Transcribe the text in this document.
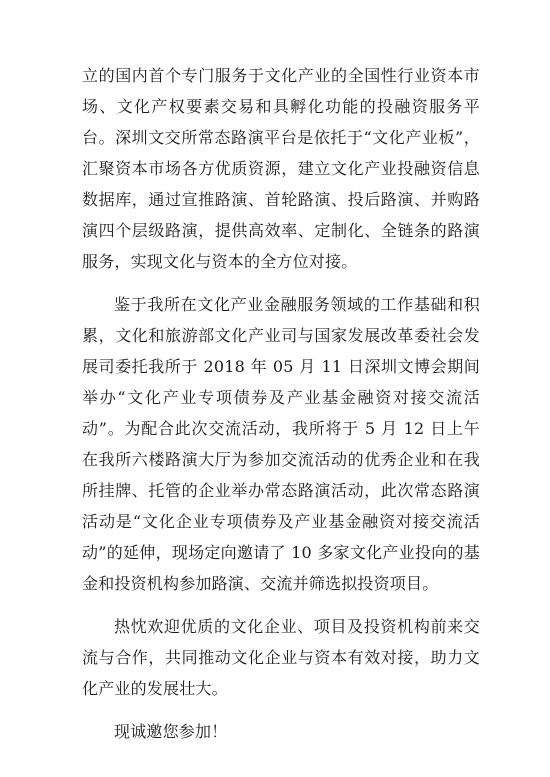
立的国内首个专门服务于文化产业的全国性行业资本市场、文化产权要素交易和具孵化功能的投融资服务平台。深圳文交所常态路演平台是依托于“文化产业板”，汇聚资本市场各方优质资源，建立文化产业投融资信息数据库，通过宣推路演、首轮路演、投后路演、并购路演四个层级路演，提供高效率、定制化、全链条的路演服务，实现文化与资本的全方位对接。

鉴于我所在文化产业金融服务领域的工作基础和积累，文化和旅游部文化产业司与国家发展改革委社会发展司委托我所于 2018 年 05 月 11 日深圳文博会期间举办“文化产业专项债券及产业基金融资对接交流活动”。为配合此次交流活动，我所将于 5 月 12 日上午在我所六楼路演大厅为参加交流活动的优秀企业和在我所挂牌、托管的企业举办常态路演活动，此次常态路演活动是“文化企业专项债券及产业基金融资对接交流活动”的延伸，现场定向邀请了 10 多家文化产业投向的基金和投资机构参加路演、交流并筛选拟投资项目。

热忱欢迎优质的文化企业、项目及投资机构前来交流与合作，共同推动文化企业与资本有效对接，助力文化产业的发展壮大。

现诚邀您参加！
